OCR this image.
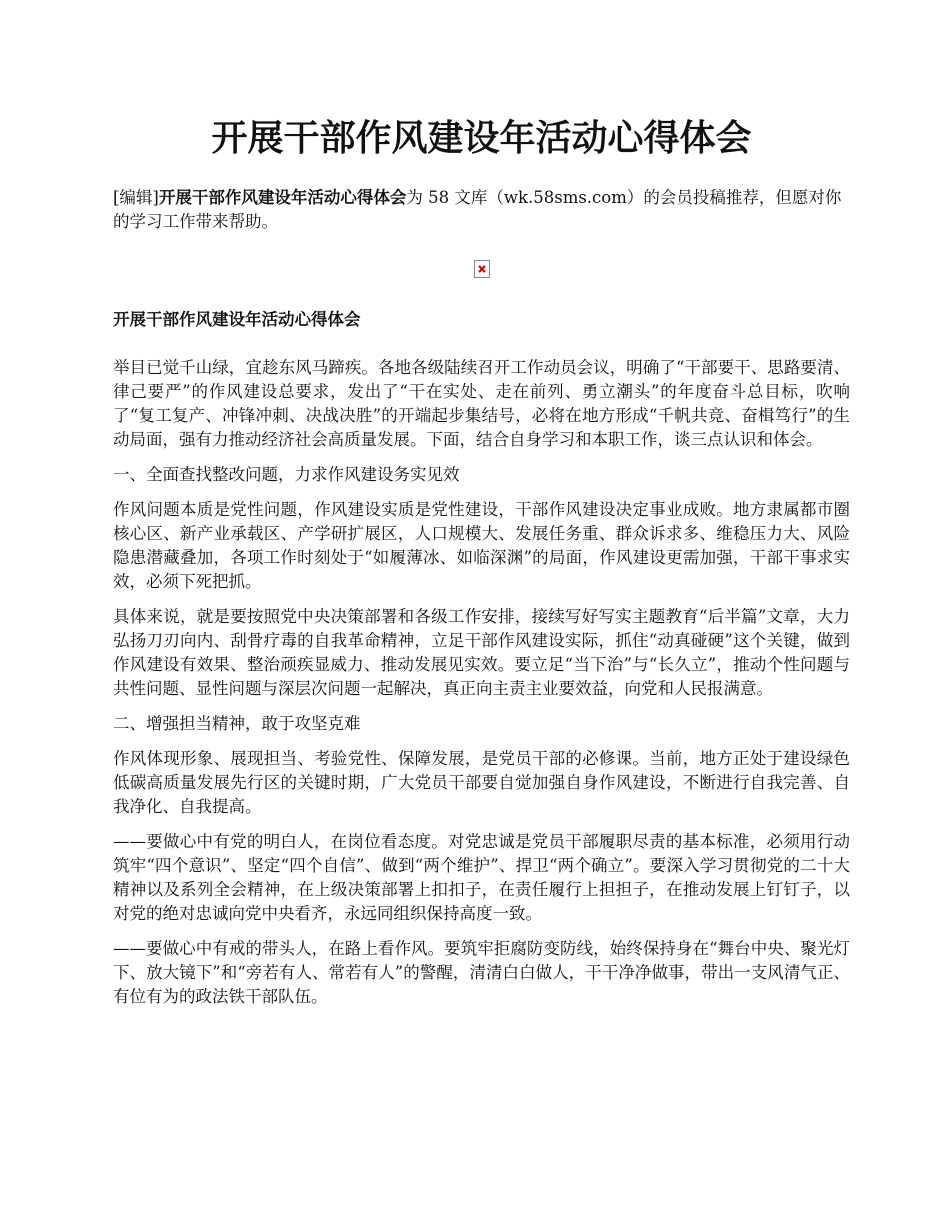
开展干部作风建设年活动心得体会

[编辑]开展干部作风建设年活动心得体会为 58 文库（wk.58sms.com）的会员投稿推荐，但愿对你的学习工作带来帮助。

开展干部作风建设年活动心得体会

举目已觉千山绿，宜趁东风马蹄疾。各地各级陆续召开工作动员会议，明确了“干部要干、思路要清、律己要严”的作风建设总要求，发出了“干在实处、走在前列、勇立潮头”的年度奋斗总目标，吹响了“复工复产、冲锋冲刺、决战决胜”的开端起步集结号，必将在地方形成“千帆共竞、奋楫笃行”的生动局面，强有力推动经济社会高质量发展。下面，结合自身学习和本职工作，谈三点认识和体会。

一、全面查找整改问题，力求作风建设务实见效

作风问题本质是党性问题，作风建设实质是党性建设，干部作风建设决定事业成败。地方隶属都市圈核心区、新产业承载区、产学研扩展区，人口规模大、发展任务重、群众诉求多、维稳压力大、风险隐患潜藏叠加，各项工作时刻处于“如履薄冰、如临深渊”的局面，作风建设更需加强，干部干事求实效，必须下死把抓。

具体来说，就是要按照党中央决策部署和各级工作安排，接续写好写实主题教育“后半篇”文章，大力弘扬刀刃向内、刮骨疗毒的自我革命精神，立足干部作风建设实际，抓住“动真碰硬”这个关键，做到作风建设有效果、整治顽疾显威力、推动发展见实效。要立足“当下治”与“长久立”，推动个性问题与共性问题、显性问题与深层次问题一起解决，真正向主责主业要效益，向党和人民报满意。

二、增强担当精神，敢于攻坚克难

作风体现形象、展现担当、考验党性、保障发展，是党员干部的必修课。当前，地方正处于建设绿色低碳高质量发展先行区的关键时期，广大党员干部要自觉加强自身作风建设，不断进行自我完善、自我净化、自我提高。

——要做心中有党的明白人，在岗位看态度。对党忠诚是党员干部履职尽责的基本标准，必须用行动筑牢“四个意识”、坚定“四个自信”、做到“两个维护”、捍卫“两个确立”。要深入学习贯彻党的二十大精神以及系列全会精神，在上级决策部署上扣扣子，在责任履行上担担子，在推动发展上钉钉子，以对党的绝对忠诚向党中央看齐，永远同组织保持高度一致。

——要做心中有戒的带头人，在路上看作风。要筑牢拒腐防变防线，始终保持身在“舞台中央、聚光灯下、放大镜下”和“旁若有人、常若有人”的警醒，清清白白做人，干干净净做事，带出一支风清气正、有位有为的政法铁干部队伍。
